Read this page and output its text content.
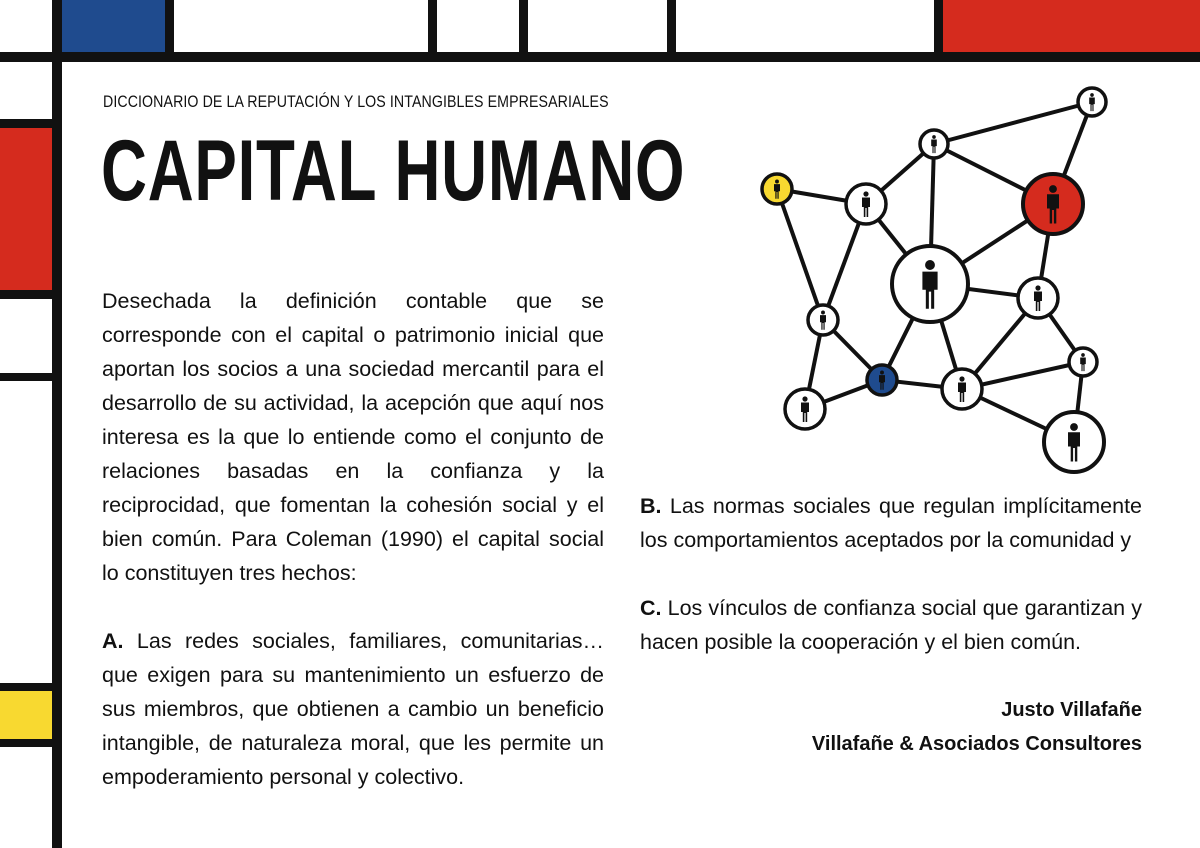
DICCIONARIO DE LA REPUTACIÓN Y LOS INTANGIBLES EMPRESARIALES
CAPITAL HUMANO

Desechada la definición contable que se corresponde con el capital o patrimonio inicial que aportan los socios a una sociedad mercantil para el desarrollo de su actividad, la acepción que aquí nos interesa es la que lo entiende como el conjunto de relaciones basadas en la confianza y la reciprocidad, que fomentan la cohesión social y el bien común. Para Coleman (1990) el capital social lo constituyen tres hechos:

A. Las redes sociales, familiares, comunitarias… que exigen para su mantenimiento un esfuerzo de sus miembros, que obtienen a cambio un beneficio intangible, de naturaleza moral, que les permite un empoderamiento personal y colectivo.

B. Las normas sociales que regulan implícitamente los comportamientos aceptados por la comunidad y

C. Los vínculos de confianza social que garantizan y hacen posible la cooperación y el bien común.

Justo Villafañe
Villafañe & Asociados Consultores
